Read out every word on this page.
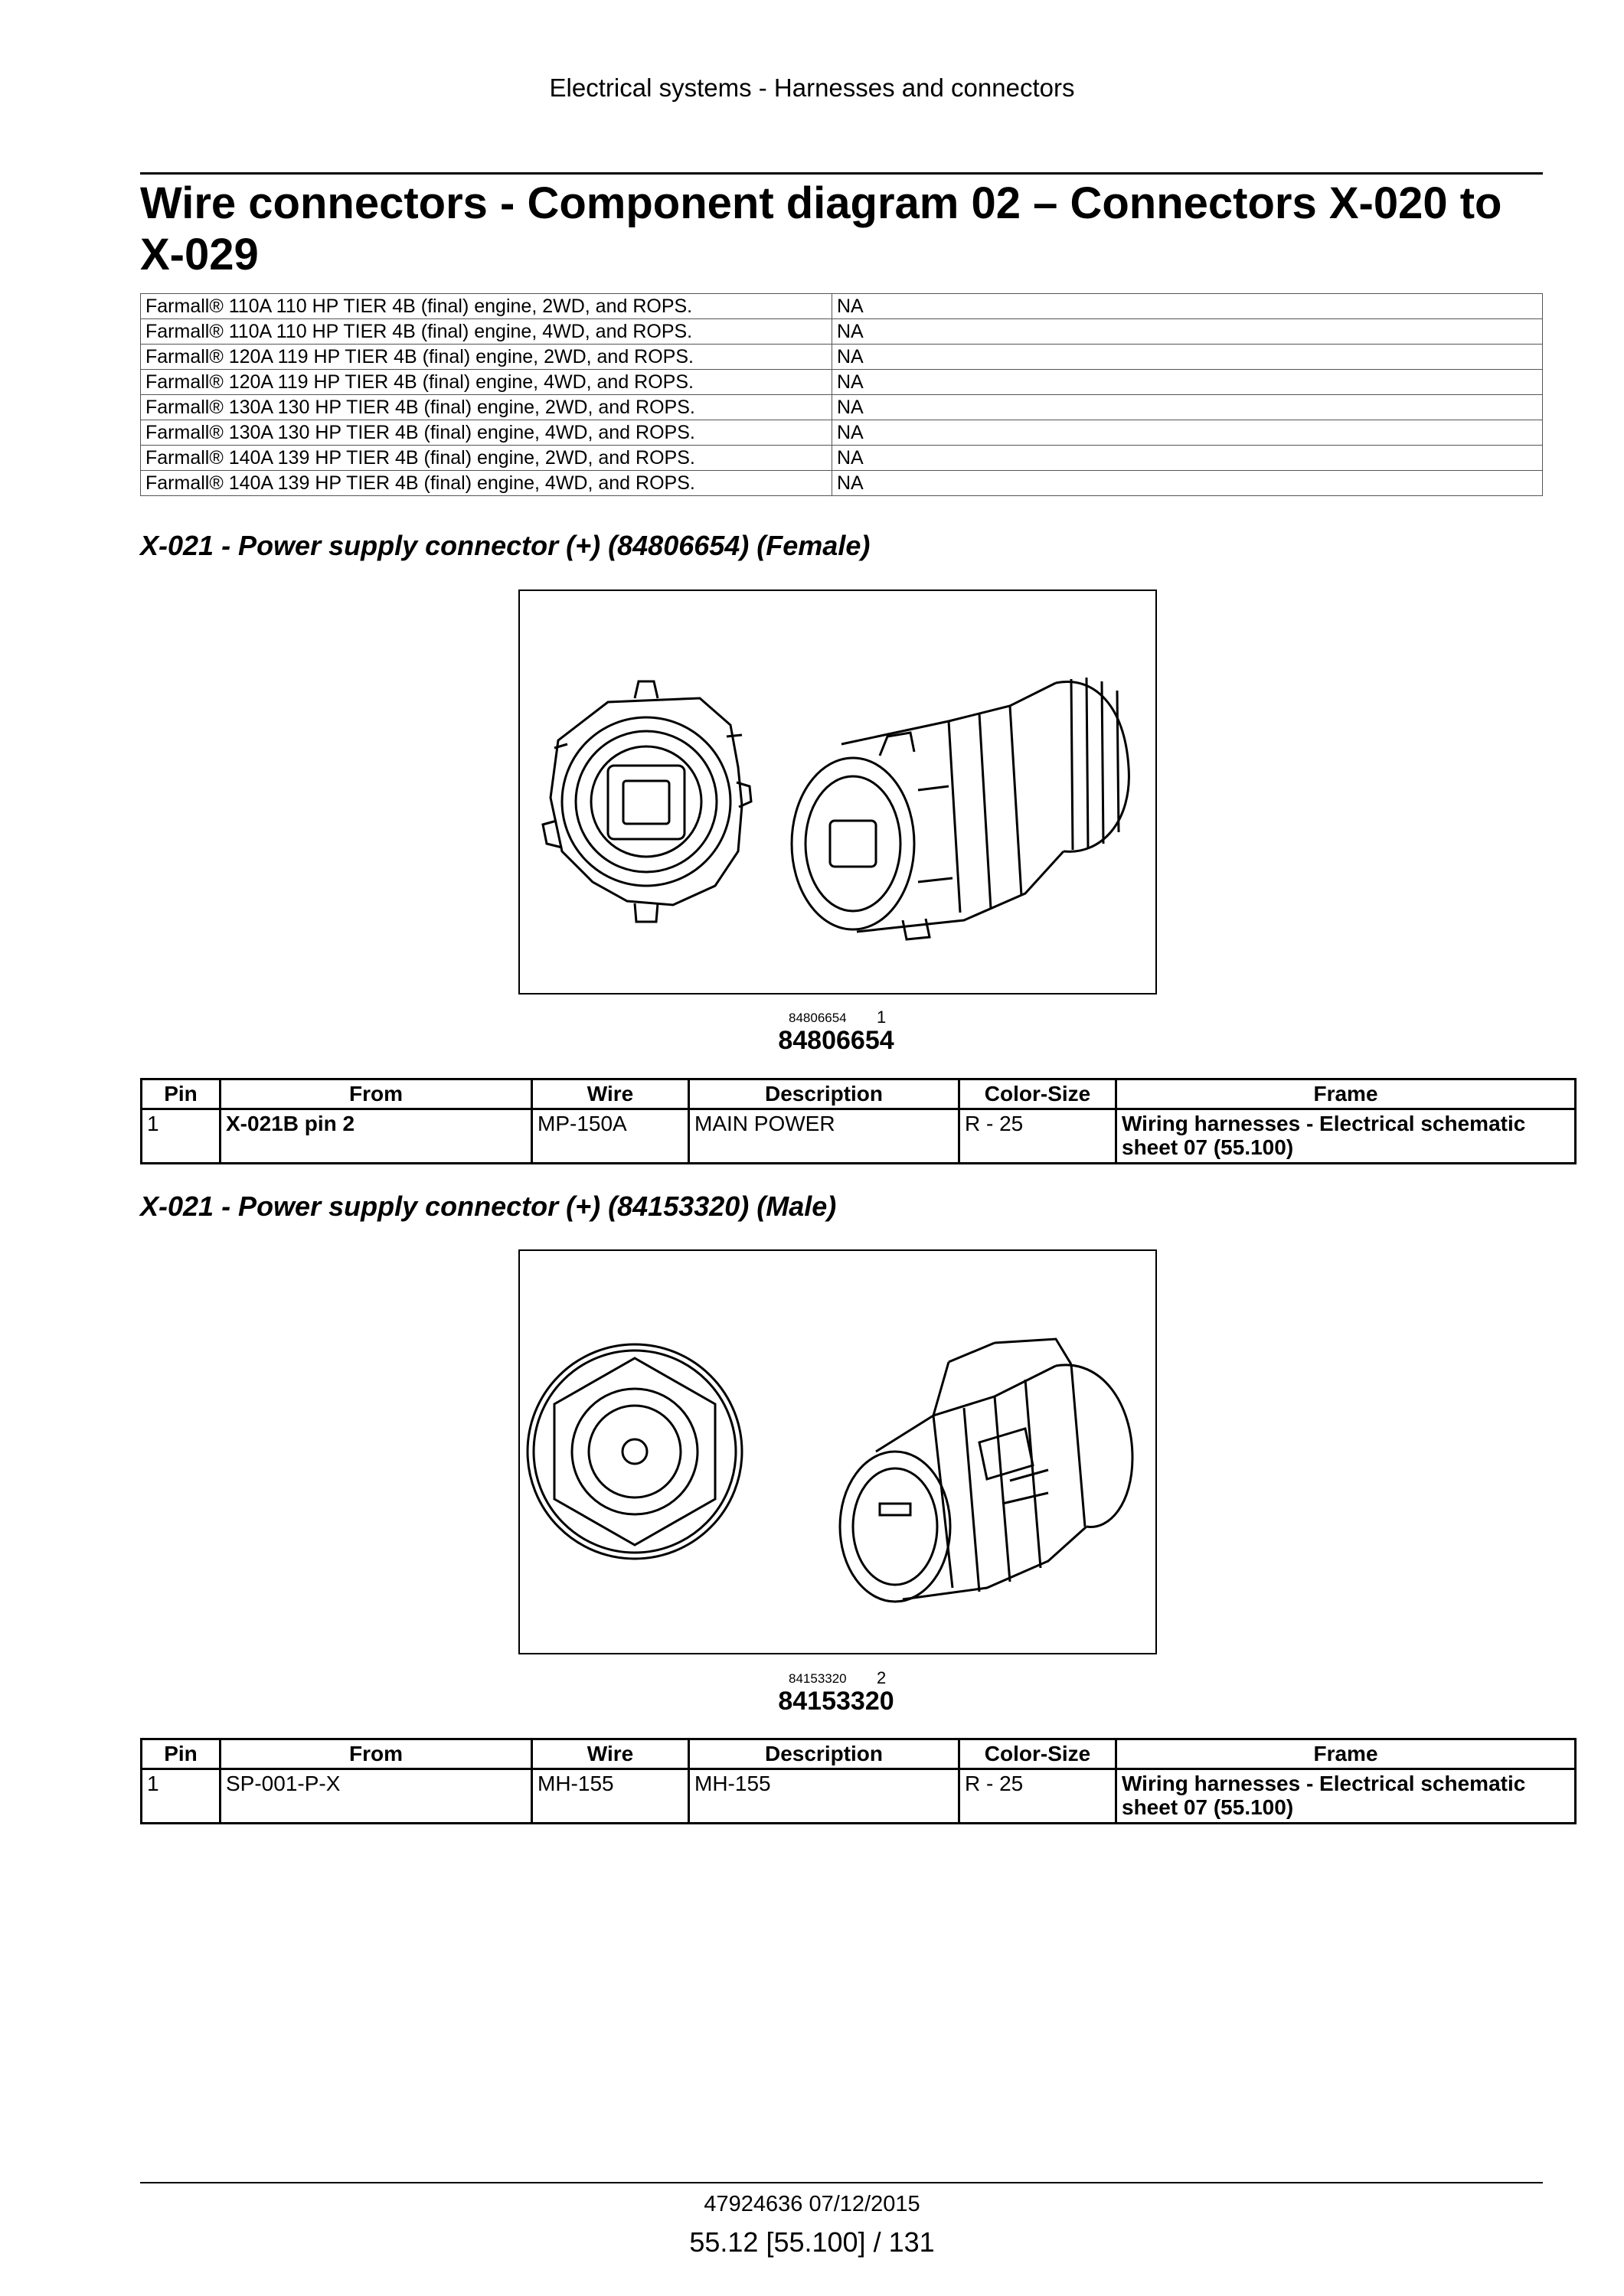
Electrical systems - Harnesses and connectors
Wire connectors - Component diagram 02 – Connectors X-020 to X-029
Farmall® 110A 110 HP TIER 4B (final) engine, 2WD, and ROPS.	NA
Farmall® 110A 110 HP TIER 4B (final) engine, 4WD, and ROPS.	NA
Farmall® 120A 119 HP TIER 4B (final) engine, 2WD, and ROPS.	NA
Farmall® 120A 119 HP TIER 4B (final) engine, 4WD, and ROPS.	NA
Farmall® 130A 130 HP TIER 4B (final) engine, 2WD, and ROPS.	NA
Farmall® 130A 130 HP TIER 4B (final) engine, 4WD, and ROPS.	NA
Farmall® 140A 139 HP TIER 4B (final) engine, 2WD, and ROPS.	NA
Farmall® 140A 139 HP TIER 4B (final) engine, 4WD, and ROPS.	NA
X-021 - Power supply connector (+) (84806654) (Female)
84806654 1
84806654
Pin	From	Wire	Description	Color-Size	Frame
1	X-021B pin 2	MP-150A	MAIN POWER	R - 25	Wiring harnesses - Electrical schematic sheet 07 (55.100)
X-021 - Power supply connector (+) (84153320) (Male)
84153320 2
84153320
Pin	From	Wire	Description	Color-Size	Frame
1	SP-001-P-X	MH-155	MH-155	R - 25	Wiring harnesses - Electrical schematic sheet 07 (55.100)
47924636 07/12/2015
55.12 [55.100] / 131
